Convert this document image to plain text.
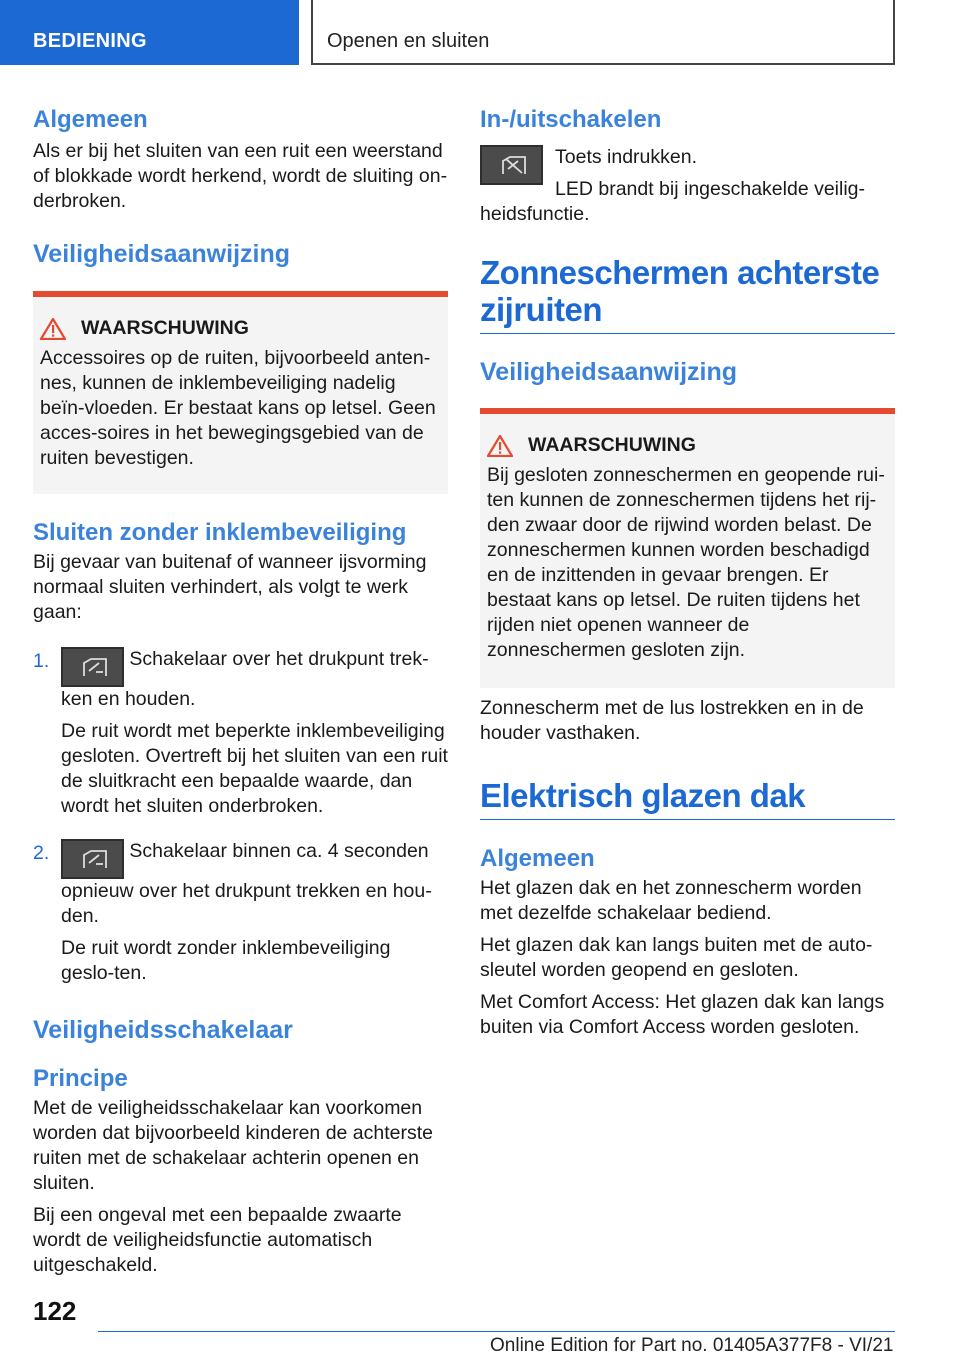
BEDIENING	Openen en sluiten
Algemeen
Als er bij het sluiten van een ruit een weerstand of blokkade wordt herkend, wordt de sluiting on-derbroken.
Veiligheidsaanwijzing
WAARSCHUWING
Accessoires op de ruiten, bijvoorbeeld anten-nes, kunnen de inklembeveiliging nadelig beïn-vloeden. Er bestaat kans op letsel. Geen acces-soires in het bewegingsgebied van de ruiten bevestigen.
Sluiten zonder inklembeveiliging
Bij gevaar van buitenaf of wanneer ijsvorming normaal sluiten verhindert, als volgt te werk gaan:
1.	Schakelaar over het drukpunt trek-ken en houden.
De ruit wordt met beperkte inklembeveiliging gesloten. Overtreft bij het sluiten van een ruit de sluitkracht een bepaalde waarde, dan wordt het sluiten onderbroken.
2.	Schakelaar binnen ca. 4 seconden opnieuw over het drukpunt trekken en hou-den.
De ruit wordt zonder inklembeveiliging geslo-ten.
Veiligheidsschakelaar
Principe
Met de veiligheidsschakelaar kan voorkomen worden dat bijvoorbeeld kinderen de achterste ruiten met de schakelaar achterin openen en sluiten.
Bij een ongeval met een bepaalde zwaarte wordt de veiligheidsfunctie automatisch uitgeschakeld.
In-/uitschakelen
Toets indrukken.
LED brandt bij ingeschakelde veilig-heidsfunctie.
Zonneschermen achterste zijruiten
Veiligheidsaanwijzing
WAARSCHUWING
Bij gesloten zonneschermen en geopende rui-ten kunnen de zonneschermen tijdens het rij-den zwaar door de rijwind worden belast. De zonneschermen kunnen worden beschadigd en de inzittenden in gevaar brengen. Er bestaat kans op letsel. De ruiten tijdens het rijden niet openen wanneer de zonneschermen gesloten zijn.
Zonnescherm met de lus lostrekken en in de houder vasthaken.
Elektrisch glazen dak
Algemeen
Het glazen dak en het zonnescherm worden met dezelfde schakelaar bediend.
Het glazen dak kan langs buiten met de auto-sleutel worden geopend en gesloten.
Met Comfort Access: Het glazen dak kan langs buiten via Comfort Access worden gesloten.
122
Online Edition for Part no. 01405A377F8 - VI/21
